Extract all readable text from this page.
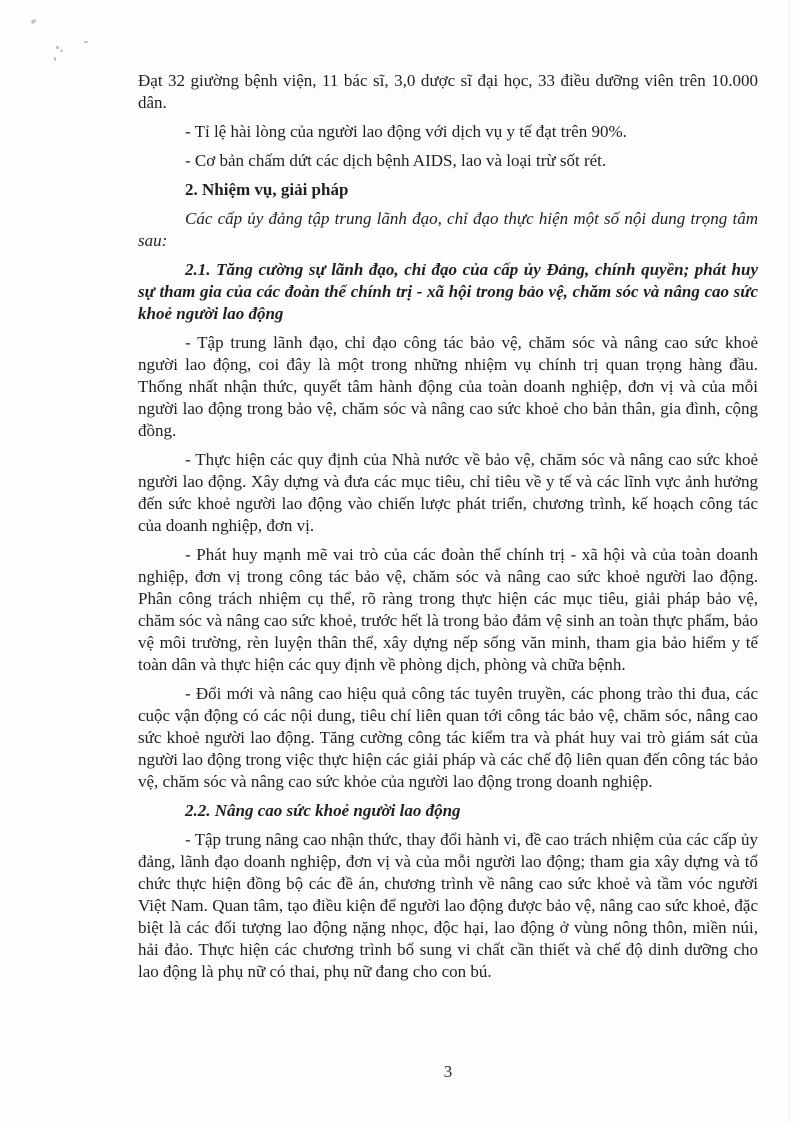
Đạt 32 giường bệnh viện, 11 bác sĩ, 3,0 dược sĩ đại học, 33 điều dưỡng viên trên 10.000 dân.

- Tỉ lệ hài lòng của người lao động với dịch vụ y tế đạt trên 90%.

- Cơ bản chấm dứt các dịch bệnh AIDS, lao và loại trừ sốt rét.

2. Nhiệm vụ, giải pháp

Các cấp ủy đảng tập trung lãnh đạo, chỉ đạo thực hiện một số nội dung trọng tâm sau:

2.1. Tăng cường sự lãnh đạo, chỉ đạo của cấp ủy Đảng, chính quyền; phát huy sự tham gia của các đoàn thể chính trị - xã hội trong bảo vệ, chăm sóc và nâng cao sức khoẻ người lao động

- Tập trung lãnh đạo, chỉ đạo công tác bảo vệ, chăm sóc và nâng cao sức khoẻ người lao động, coi đây là một trong những nhiệm vụ chính trị quan trọng hàng đầu. Thống nhất nhận thức, quyết tâm hành động của toàn doanh nghiệp, đơn vị và của mỗi người lao động trong bảo vệ, chăm sóc và nâng cao sức khoẻ cho bản thân, gia đình, cộng đồng.

- Thực hiện các quy định của Nhà nước về bảo vệ, chăm sóc và nâng cao sức khoẻ người lao động. Xây dựng và đưa các mục tiêu, chỉ tiêu về y tế và các lĩnh vực ảnh hưởng đến sức khoẻ người lao động vào chiến lược phát triển, chương trình, kế hoạch công tác của doanh nghiệp, đơn vị.

- Phát huy mạnh mẽ vai trò của các đoàn thể chính trị - xã hội và của toàn doanh nghiệp, đơn vị trong công tác bảo vệ, chăm sóc và nâng cao sức khoẻ người lao động. Phân công trách nhiệm cụ thể, rõ ràng trong thực hiện các mục tiêu, giải pháp bảo vệ, chăm sóc và nâng cao sức khoẻ, trước hết là trong bảo đảm vệ sinh an toàn thực phẩm, bảo vệ môi trường, rèn luyện thân thể, xây dựng nếp sống văn minh, tham gia bảo hiểm y tế toàn dân và thực hiện các quy định về phòng dịch, phòng và chữa bệnh.

- Đổi mới và nâng cao hiệu quả công tác tuyên truyền, các phong trào thi đua, các cuộc vận động có các nội dung, tiêu chí liên quan tới công tác bảo vệ, chăm sóc, nâng cao sức khoẻ người lao động. Tăng cường công tác kiểm tra và phát huy vai trò giám sát của người lao động trong việc thực hiện các giải pháp và các chế độ liên quan đến công tác bảo vệ, chăm sóc và nâng cao sức khỏe của người lao động trong doanh nghiệp.

2.2. Nâng cao sức khoẻ người lao động

- Tập trung nâng cao nhận thức, thay đổi hành vi, đề cao trách nhiệm của các cấp ủy đảng, lãnh đạo doanh nghiệp, đơn vị và của mỗi người lao động; tham gia xây dựng và tổ chức thực hiện đồng bộ các đề án, chương trình về nâng cao sức khoẻ và tầm vóc người Việt Nam. Quan tâm, tạo điều kiện để người lao động được bảo vệ, nâng cao sức khoẻ, đặc biệt là các đối tượng lao động nặng nhọc, độc hại, lao động ở vùng nông thôn, miền núi, hải đảo. Thực hiện các chương trình bổ sung vi chất cần thiết và chế độ dinh dưỡng cho lao động là phụ nữ có thai, phụ nữ đang cho con bú.

3
